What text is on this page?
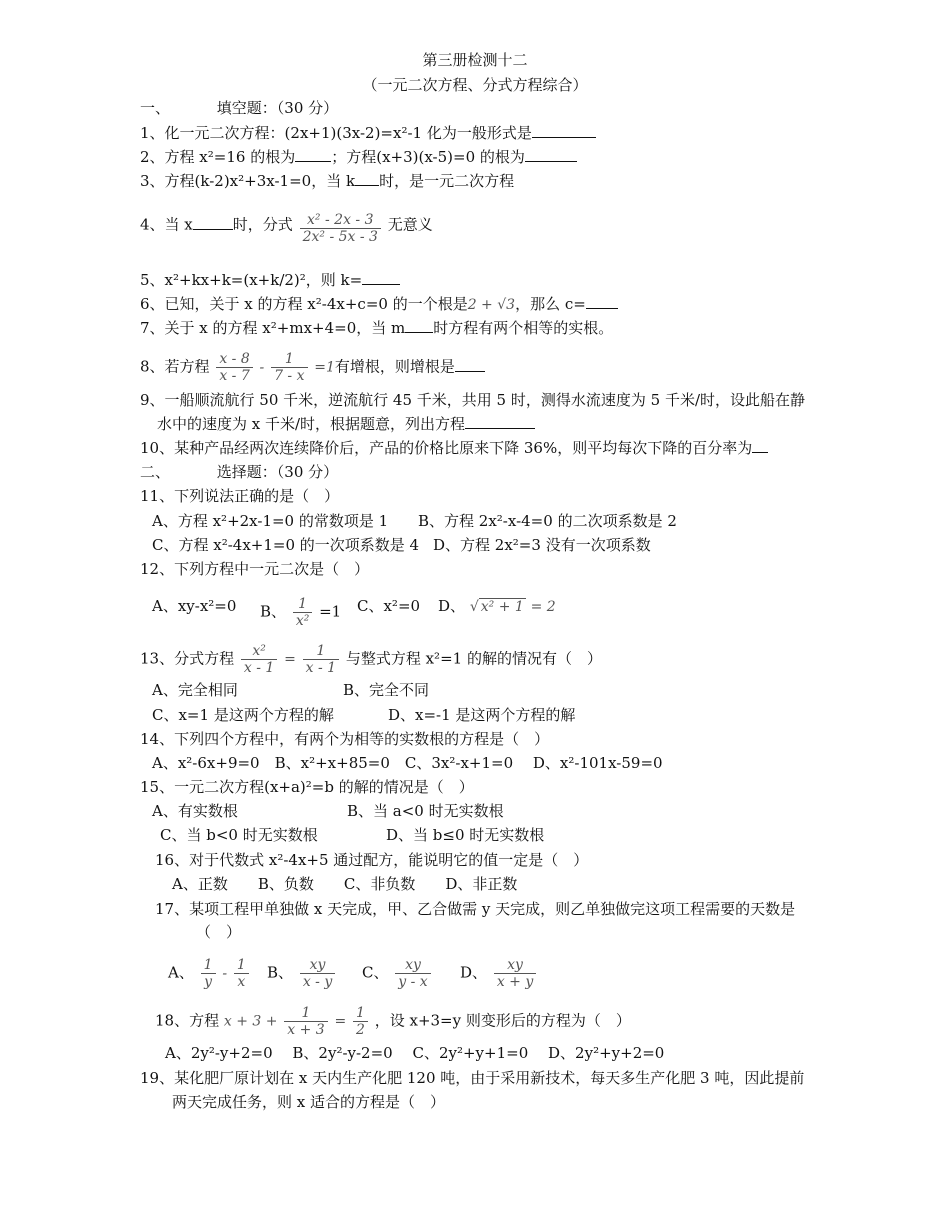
第三册检测十二
（一元二次方程、分式方程综合）
一、	填空题：（30 分）
1、化一元二次方程：(2x+1)(3x-2)=x²-1 化为一般形式是
2、方程 x²=16 的根为 ；方程(x+3)(x-5)=0 的根为
3、方程(k-2)x²+3x-1=0，当 k 时，是一元二次方程
4、当 x	时，分式 $\frac{\text{x² - 2x - 3}}{\text{2x² - 5x - 3}}$ 无意义
5、x²+kx+k=(x+k/2)²，则 k=
6、已知，关于 x 的方程 x²-4x+c=0 的一个根是2 + √3，那么 c=
7、关于 x 的方程 x²+mx+4=0，当 m 时方程有两个相等的实根。
8、若方程 $\frac{x - 8}{x - 7} - \frac{1}{7 - x} =1$有增根，则增根是
9、一船顺流航行 50 千米，逆流航行 45 千米，共用 5 时，测得水流速度为 5 千米/时，设此船在静
水中的速度为 x 千米/时，根据题意，列出方程
10、某种产品经两次连续降价后，产品的价格比原来下降 36%，则平均每次下降的百分率为
二、	选择题：（30 分）
11、下列说法正确的是（　）
A、方程 x²+2x-1=0 的常数项是 1 B、方程 2x²-x-4=0 的二次项系数是 2
C、方程 x²-4x+1=0 的一次项系数是 4 D、方程 2x²=3 没有一次项系数
12、下列方程中一元二次是（　）
A、xy-x²=0 B、 $\frac{1}{\text{x²}} =1$ C、x²=0 D、 √ x² + 1 = 2
13、分式方程 $\frac{\text{x²}}{x - 1} = \frac{1}{x - 1}$ 与整式方程 x²=1 的解的情况有（　）
A、完全相同	B、完全不同
C、x=1 是这两个方程的解	D、x=-1 是这两个方程的解
14、下列四个方程中，有两个为相等的实数根的方程是（　）
A、x²-6x+9=0　B、x²+x+85=0　C、3x²-x+1=0　 D、x²-101x-59=0
15、一元二次方程(x+a)²=b 的解的情况是（　）
A、有实数根	B、当 a<0 时无实数根
C、当 b<0 时无实数根	D、当 b≤0 时无实数根
16、对于代数式 x²-4x+5 通过配方，能说明它的值一定是（　）
A、正数　　B、负数　　C、非负数　　D、非正数
17、某项工程甲单独做 x 天完成，甲、乙合做需 y 天完成，则乙单独做完这项工程需要的天数是
（　）
A、 $\frac{1}{y} - \frac{1}{x}$ B、 $\frac{xy}{x - y}$ C、 $\frac{xy}{y - x}$ D、 $\frac{xy}{x + y}$
18、方程 $x + 3 + \frac{1}{x + 3} = \frac{1}{2}$ ，设 x+3=y 则变形后的方程为（　）
A、2y²-y+2=0　 B、2y²-y-2=0　 C、2y²+y+1=0　 D、2y²+y+2=0
19、某化肥厂原计划在 x 天内生产化肥 120 吨，由于采用新技术，每天多生产化肥 3 吨，因此提前
两天完成任务，则 x 适合的方程是（　）
